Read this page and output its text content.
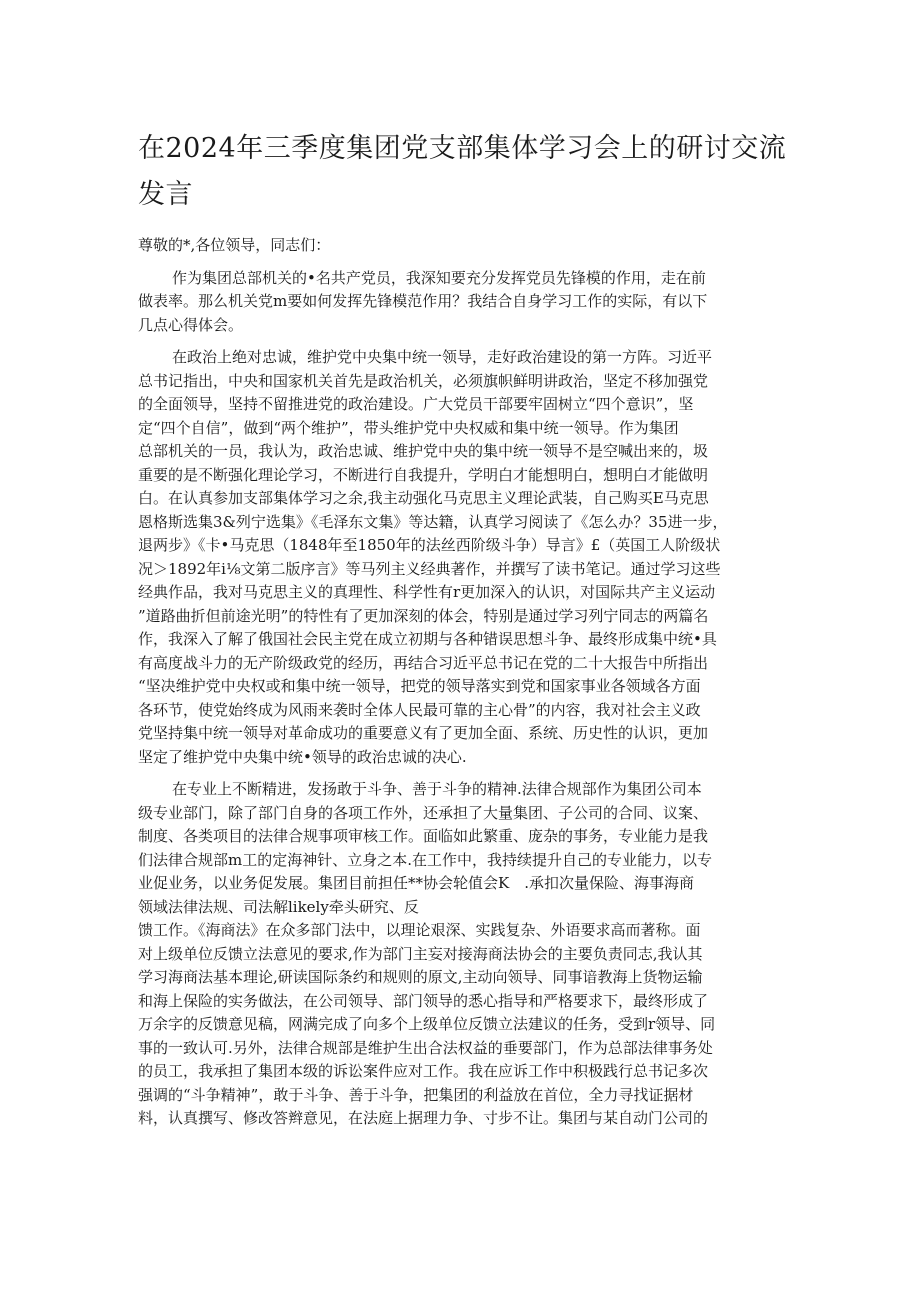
在2024年三季度集团党支部集体学习会上的研讨交流
发言
尊敬的*,各位领导，同志们：
作为集团总部机关的•名共产党员，我深知要充分发挥党员先锋模的作用，走在前
做表率。那么机关党m要如何发挥先锋模范作用？我结合自身学习工作的实际，有以下
几点心得体会。
在政治上绝对忠诚，维护党中央集中统一领导，走好政治建设的第一方阵。习近平
总书记指出，中央和国家机关首先是政治机关，必须旗帜鲜明讲政治，坚定不移加强党
的全面领导，坚持不留推进党的政治建设。广大党员干部要牢固树立“四个意识”，坚
定“四个自信”，做到“两个维护”，带头维护党中央权威和集中统一领导。作为集团
总部机关的一员，我认为，政治忠诚、维护党中央的集中统一领导不是空喊出来的，圾
重要的是不断强化理论学习，不断进行自我提升，学明白才能想明白，想明白才能做明
白。在认真参加支部集体学习之余,我主动强化马克思主义理论武装，自己购买E马克思
恩格斯选集3&列宁选集》《毛泽东文集》等达籍，认真学习阅读了《怎么办？35进一步，
退两步》《卡•马克思（1848年至1850年的法丝西阶级斗争）导言》£（英国工人阶级状
况＞1892年i⅛文第二版序言》等马列主义经典著作，并撰写了读书笔记。通过学习这些
经典作品，我对马克思主义的真理性、科学性有r更加深入的认识，对国际共产主义运动
”道路曲折但前途光明”的特性有了更加深刻的体会，特别是通过学习列宁同志的两篇名
作，我深入了解了俄国社会民主党在成立初期与各种错误思想斗争、最终形成集中统•具
有高度战斗力的无产阶级政党的经历，再结合习近平总书记在党的二十大报告中所指出
“坚决维护党中央权或和集中统一领导，把党的领导落实到党和国家事业各领域各方面
各环节，使党始终成为风雨来袭时全体人民最可靠的主心骨”的内容，我对社会主义政
党坚持集中统一领导对革命成功的重要意义有了更加全面、系统、历史性的认识，更加
坚定了维护党中央集中统•领导的政治忠诚的决心.
在专业上不断精进，发扬敢于斗争、善于斗争的精神.法律合规部作为集团公司本
级专业部门，除了部门自身的各项工作外，还承担了大量集团、子公司的合同、议案、
制度、各类项目的法律合规事项审核工作。面临如此繁重、庞杂的事务，专业能力是我
们法律合规部m工的定海神针、立身之本.在工作中，我持续提升自己的专业能力，以专
业促业务，以业务促发展。集团目前担任**协会轮值会K　.承扣次量保险、海事海商
领域法律法规、司法解likely牵头研究、反
馈工作。《海商法》在众多部门法中，以理论艰深、实践复杂、外语要求高而著称。面
对上级单位反馈立法意见的要求,作为部门主妄对接海商法协会的主要负责同志,我认其
学习海商法基本理论,研读国际条约和规则的原文,主动向领导、同事谙教海上货物运输
和海上保险的实务做法，在公司领导、部门领导的悉心指导和严格要求下，最终形成了
万余字的反馈意见稿，网满完成了向多个上级单位反馈立法建议的任务，受到r领导、同
事的一致认可.另外，法律合规部是维护生出合法权益的垂要部门，作为总部法律事务处
的员工，我承担了集团本级的诉讼案件应对工作。我在应诉工作中积极践行总书记多次
强调的“斗争精神”，敢于斗争、善于斗争，把集团的利益放在首位，全力寻找证据材
料，认真撰写、修改答辫意见，在法庭上据理力争、寸步不让。集团与某自动门公司的
